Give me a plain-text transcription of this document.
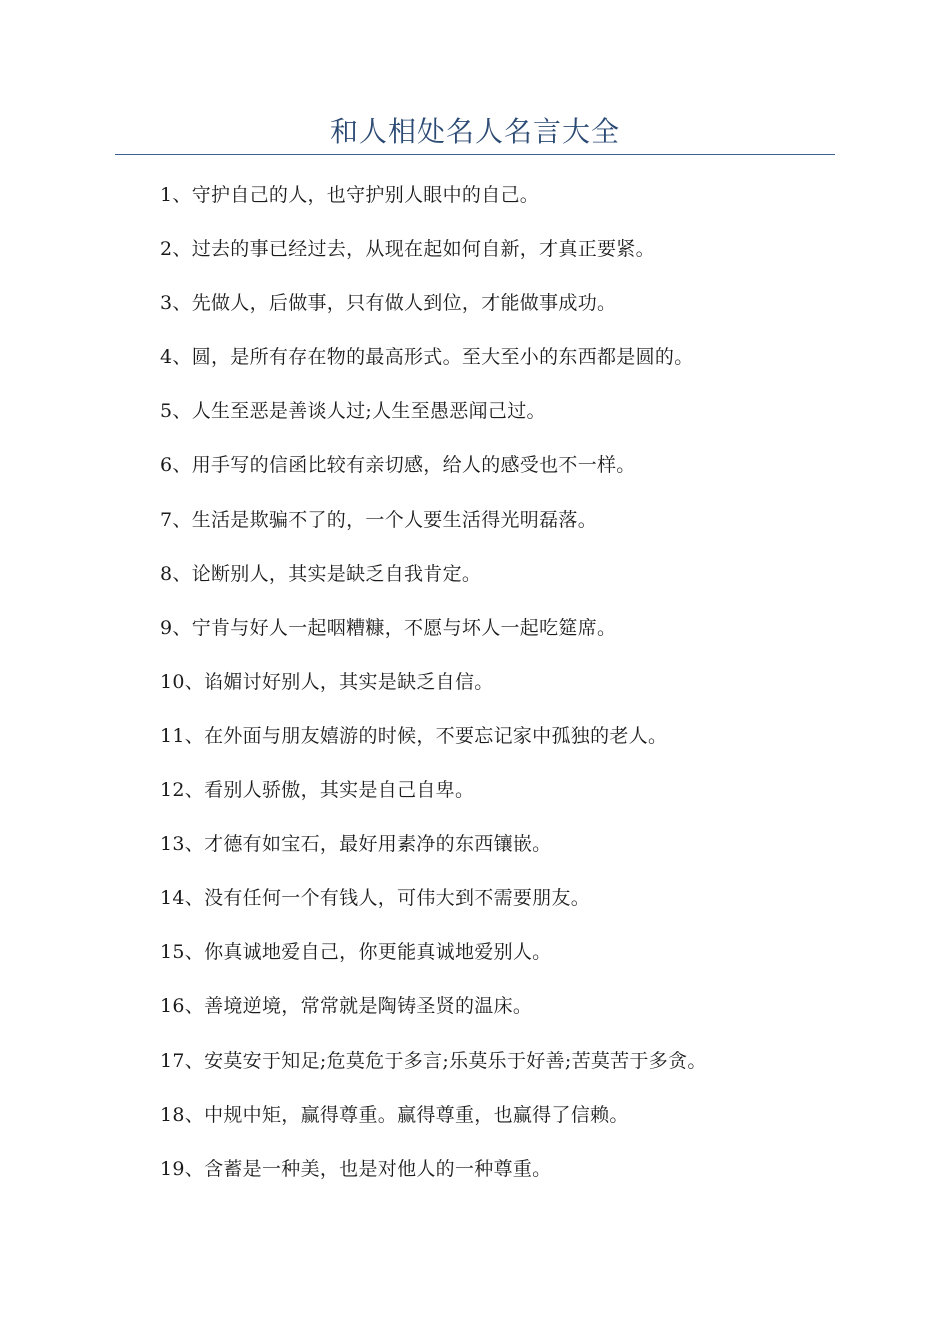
和人相处名人名言大全
1、守护自己的人，也守护别人眼中的自己。
2、过去的事已经过去，从现在起如何自新，才真正要紧。
3、先做人，后做事，只有做人到位，才能做事成功。
4、圆，是所有存在物的最高形式。至大至小的东西都是圆的。
5、人生至恶是善谈人过;人生至愚恶闻己过。
6、用手写的信函比较有亲切感，给人的感受也不一样。
7、生活是欺骗不了的，一个人要生活得光明磊落。
8、论断别人，其实是缺乏自我肯定。
9、宁肯与好人一起咽糟糠，不愿与坏人一起吃筵席。
10、谄媚讨好别人，其实是缺乏自信。
11、在外面与朋友嬉游的时候，不要忘记家中孤独的老人。
12、看别人骄傲，其实是自己自卑。
13、才德有如宝石，最好用素净的东西镶嵌。
14、没有任何一个有钱人，可伟大到不需要朋友。
15、你真诚地爱自己，你更能真诚地爱别人。
16、善境逆境，常常就是陶铸圣贤的温床。
17、安莫安于知足;危莫危于多言;乐莫乐于好善;苦莫苦于多贪。
18、中规中矩，赢得尊重。赢得尊重，也赢得了信赖。
19、含蓄是一种美，也是对他人的一种尊重。
